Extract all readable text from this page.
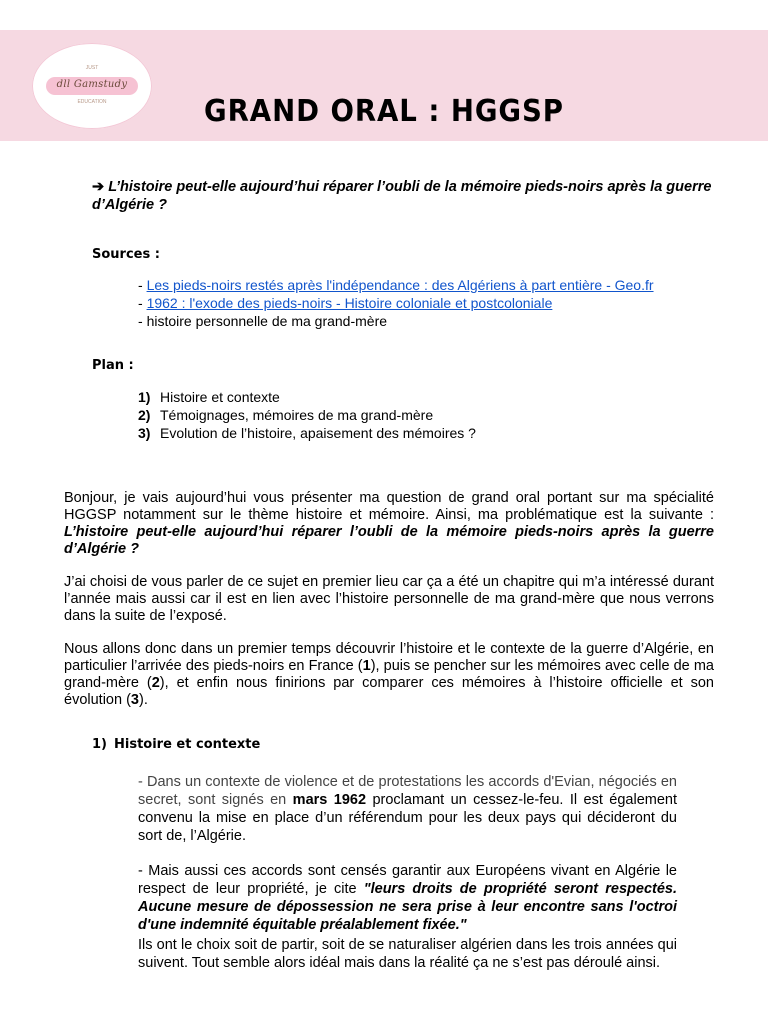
JUST
dll Gamstudy
EDUCATION	GRAND ORAL : HGGSP
➔ L’histoire peut-elle aujourd’hui réparer l’oubli de la mémoire pieds-noirs après la guerre d’Algérie ?
Sources :
- Les pieds-noirs restés après l'indépendance : des Algériens à part entière - Geo.fr
- 1962 : l'exode des pieds-noirs - Histoire coloniale et postcoloniale
- histoire personnelle de ma grand-mère
Plan :
1) Histoire et contexte
2) Témoignages, mémoires de ma grand-mère
3) Evolution de l’histoire, apaisement des mémoires ?
Bonjour, je vais aujourd’hui vous présenter ma question de grand oral portant sur ma spécialité HGGSP notamment sur le thème histoire et mémoire. Ainsi, ma problématique est la suivante : L’histoire peut-elle aujourd’hui réparer l’oubli de la mémoire pieds-noirs après la guerre d’Algérie ?
J’ai choisi de vous parler de ce sujet en premier lieu car ça a été un chapitre qui m’a intéressé durant l’année mais aussi car il est en lien avec l’histoire personnelle de ma grand-mère que nous verrons dans la suite de l’exposé.
Nous allons donc dans un premier temps découvrir l’histoire et le contexte de la guerre d’Algérie, en particulier l’arrivée des pieds-noirs en France (1), puis se pencher sur les mémoires avec celle de ma grand-mère (2), et enfin nous finirions par comparer ces mémoires à l’histoire officielle et son évolution (3).
1) Histoire et contexte
- Dans un contexte de violence et de protestations les accords d'Evian, négociés en secret, sont signés en mars 1962 proclamant un cessez-le-feu. Il est également convenu la mise en place d’un référendum pour les deux pays qui décideront du sort de, l’Algérie.
- Mais aussi ces accords sont censés garantir aux Européens vivant en Algérie le respect de leur propriété, je cite "leurs droits de propriété seront respectés. Aucune mesure de dépossession ne sera prise à leur encontre sans l'octroi d'une indemnité équitable préalablement fixée."
Ils ont le choix soit de partir, soit de se naturaliser algérien dans les trois années qui suivent. Tout semble alors idéal mais dans la réalité ça ne s’est pas déroulé ainsi.
